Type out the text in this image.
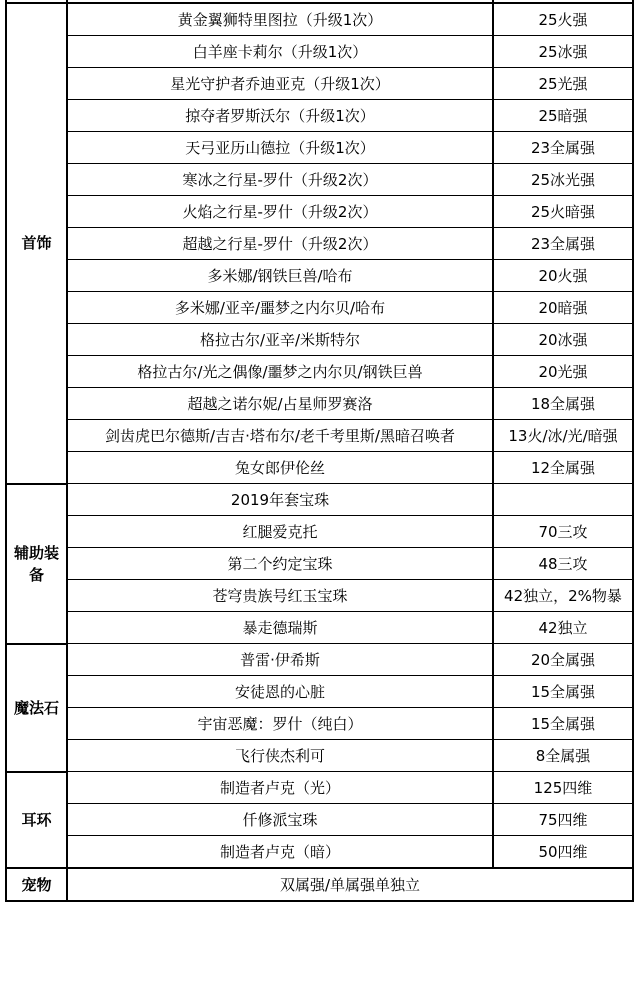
首饰	黄金翼狮特里图拉（升级1次）	25火强
	白羊座卡莉尔（升级1次）	25冰强
	星光守护者乔迪亚克（升级1次）	25光强
	掠夺者罗斯沃尔（升级1次）	25暗强
	天弓亚历山德拉（升级1次）	23全属强
	寒冰之行星-罗什（升级2次）	25冰光强
	火焰之行星-罗什（升级2次）	25火暗强
	超越之行星-罗什（升级2次）	23全属强
	多米娜/钢铁巨兽/哈布	20火强
	多米娜/亚辛/噩梦之内尔贝/哈布	20暗强
	格拉古尔/亚辛/米斯特尔	20冰强
	格拉古尔/光之偶像/噩梦之内尔贝/钢铁巨兽	20光强
	超越之诺尔妮/占星师罗赛洛	18全属强
	剑齿虎巴尔德斯/吉吉·塔布尔/老千考里斯/黑暗召唤者	13火/冰/光/暗强
	兔女郎伊伦丝	12全属强
辅助装备	2019年套宝珠	
	红腿爱克托	70三攻
	第二个约定宝珠	48三攻
	苍穹贵族号红玉宝珠	42独立，2%物暴
	暴走德瑞斯	42独立
魔法石	普雷·伊希斯	20全属强
	安徒恩的心脏	15全属强
	宇宙恶魔：罗什（纯白）	15全属强
	飞行侠杰利可	8全属强
耳环	制造者卢克（光）	125四维
	仟修派宝珠	75四维
	制造者卢克（暗）	50四维
宠物	双属强/单属强单独立	
